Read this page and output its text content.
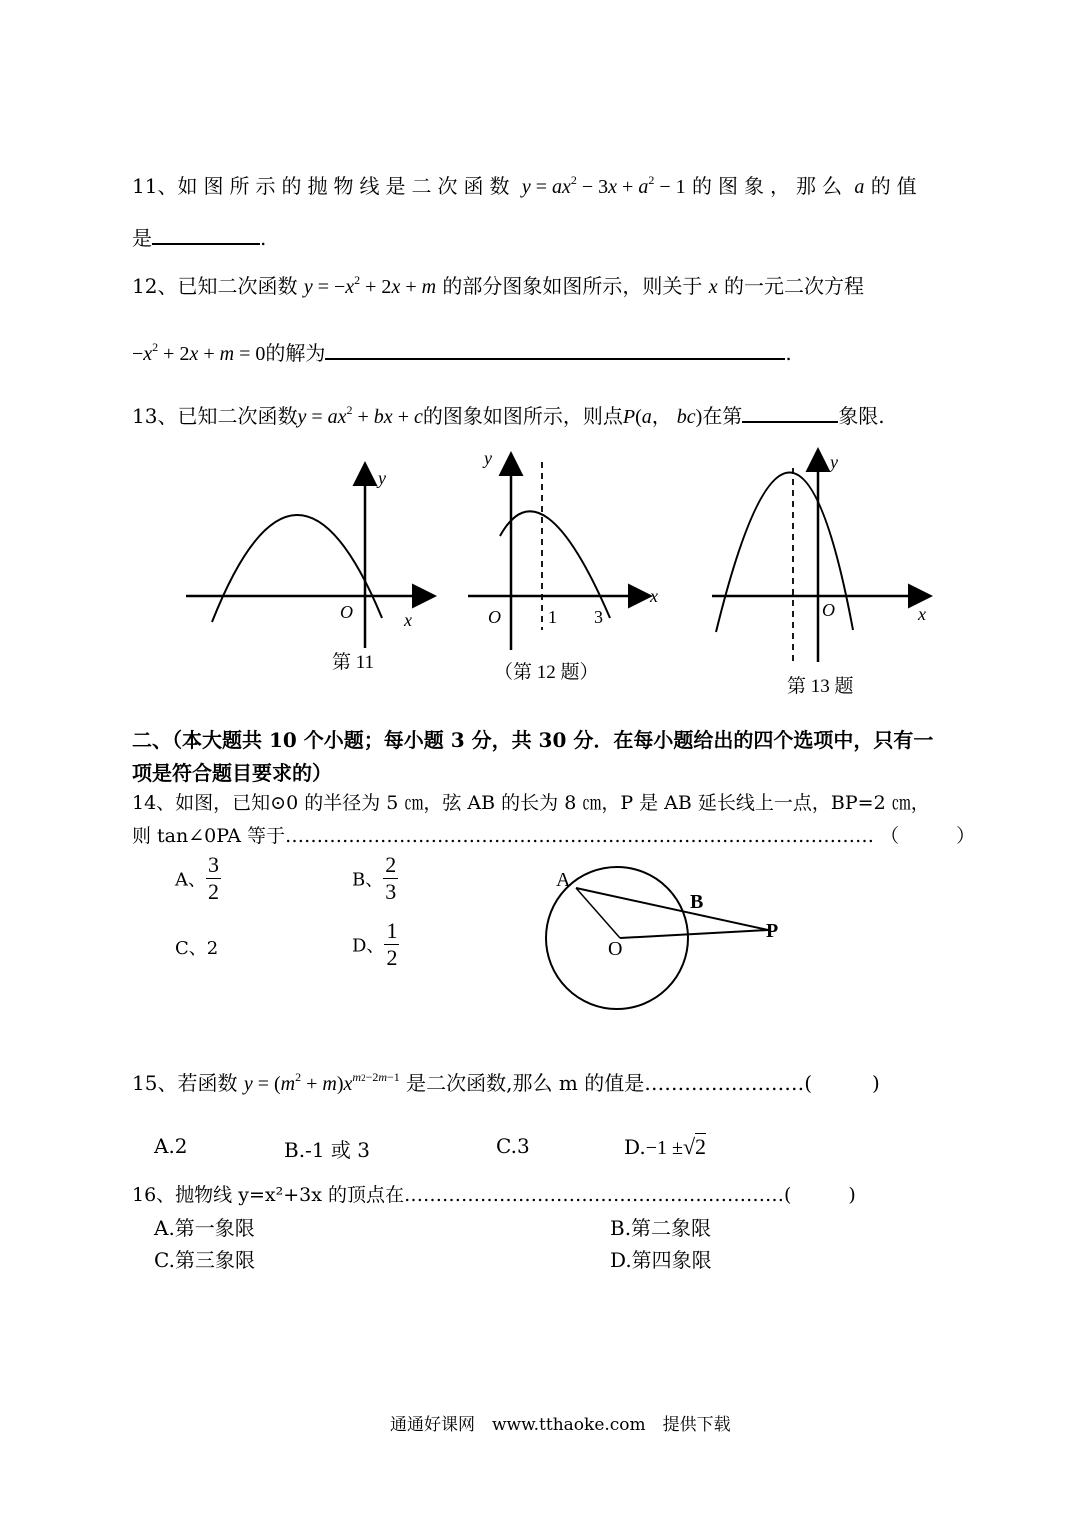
11、如图所示的抛物线是二次函数 $y = ax^2 - 3x + a^2 - 1$ 的图象，那么 a 的值
是	.
12、已知二次函数 $y = -x^2 + 2x + m$ 的部分图象如图所示，则关于 x 的一元二次方程
$-x^2 + 2x + m = 0$的解为	.
13、已知二次函数$y = ax^2$ + bx + c的图象如图所示，则点P(a， bc)在第	象限.
y
x
O
第 11
y
x
O	1 3
（第 12 题）
y
x
O
第 13 题
二、（本大题共 10 个小题；每小题 3 分，共 30 分．在每小题给出的四个选项中，只有一
项是符合题目要求的）
14、如图，已知⊙0 的半径为 5 ㎝，弦 AB 的长为 8 ㎝，P 是 AB 延长线上一点，BP=2 ㎝，
则 tan∠0PA 等于………………………………………………………………………………… （　　　）
A、 $\frac{3}{2}$	B、 $\frac{2}{3}$
C、2	D、 $\frac{1}{2}$
A
B
O
P
15、若函数 $y = (m^2 + m)x^{m2-2m-1}$ 是二次函数,那么 m 的值是……………………(　　　)
A.2	B.-1 或 3	C.3	D.−1 ±√2
16、抛物线 y=x²+3x 的顶点在……………………………………………………(　　　)
A.第一象限	B.第二象限
C.第三象限	D.第四象限
通通好课网　www.tthaoke.com　提供下载
